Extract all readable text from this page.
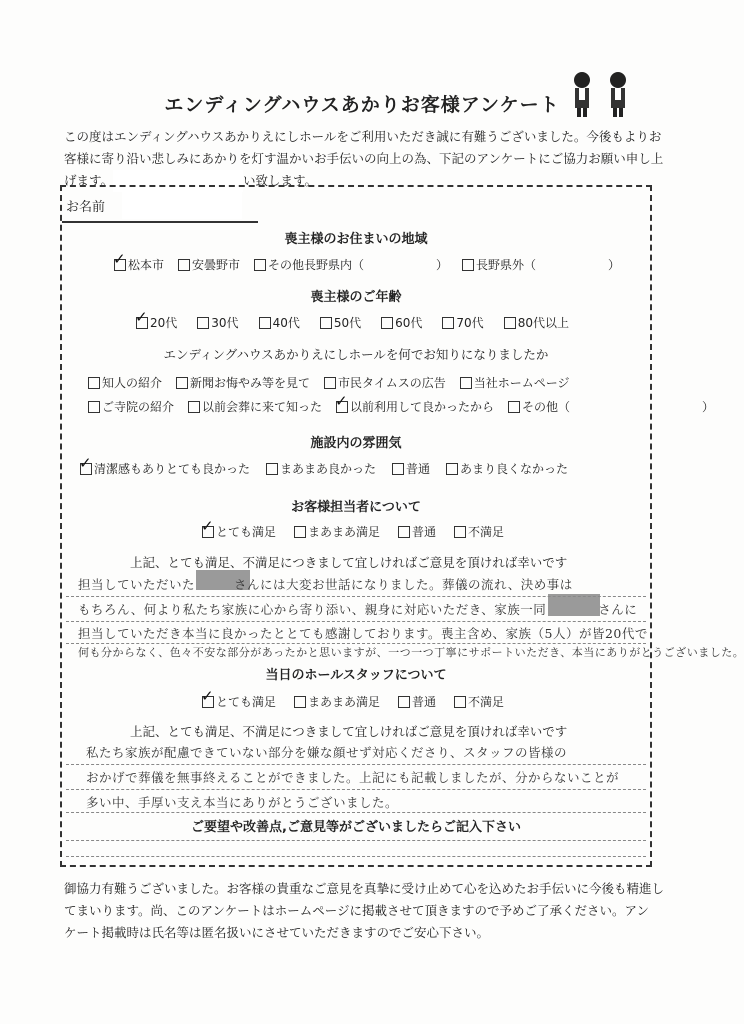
エンディングハウスあかりお客様アンケート
この度はエンディングハウスあかりえにしホールをご利用いただき誠に有難うございました。今後もよりお
客様に寄り沿い悲しみにあかりを灯す温かいお手伝いの向上の為、下記のアンケートにご協力お願い申し上
げます。	い致します。
お名前
喪主様のお住まいの地域
✓
松本市 安曇野市 その他長野県内（　　　　　　） 長野県外（　　　　　　）
喪主様のご年齢
✓
20代	30代	40代	50代	60代	70代	80代以上
エンディングハウスあかりえにしホールを何でお知りになりましたか
知人の紹介 新聞お悔やみ等を見て 市民タイムスの広告 当社ホームページ
ご寺院の紹介 以前会葬に来て知った
✓ 以前利用して良かったから その他（　　　　　　　　　　　）
施設内の雰囲気
✓
清潔感もありとても良かった	まあまあ良かった	普通	あまり良くなかった
お客様担当者について
✓
とても満足	まあまあ満足	普通	不満足
上記、とても満足、不満足につきまして宜しければご意見を頂ければ幸いです
担当していただいた　　　さんには大変お世話になりました。葬儀の流れ、決め事は
もちろん、何より私たち家族に心から寄り添い、親身に対応いただき、家族一同　　　　さんに
担当していただき本当に良かったととても感謝しております。喪主含め、家族（5人）が皆20代で
何も分からなく、色々不安な部分があったかと思いますが、一つ一つ丁寧にサポートいただき、本当にありがとうございました。
当日のホールスタッフについて
✓
とても満足	まあまあ満足	普通	不満足
上記、とても満足、不満足につきまして宜しければご意見を頂ければ幸いです
私たち家族が配慮できていない部分を嫌な顔せず対応くださり、スタッフの皆様の
おかげで葬儀を無事終えることができました。上記にも記載しましたが、分からないことが
多い中、手厚い支え本当にありがとうございました。
ご要望や改善点,ご意見等がございましたらご記入下さい
御協力有難うございました。お客様の貴重なご意見を真摯に受け止めて心を込めたお手伝いに今後も精進し
てまいります。尚、このアンケートはホームページに掲載させて頂きますので予めご了承ください。アン
ケート掲載時は氏名等は匿名扱いにさせていただきますのでご安心下さい。
